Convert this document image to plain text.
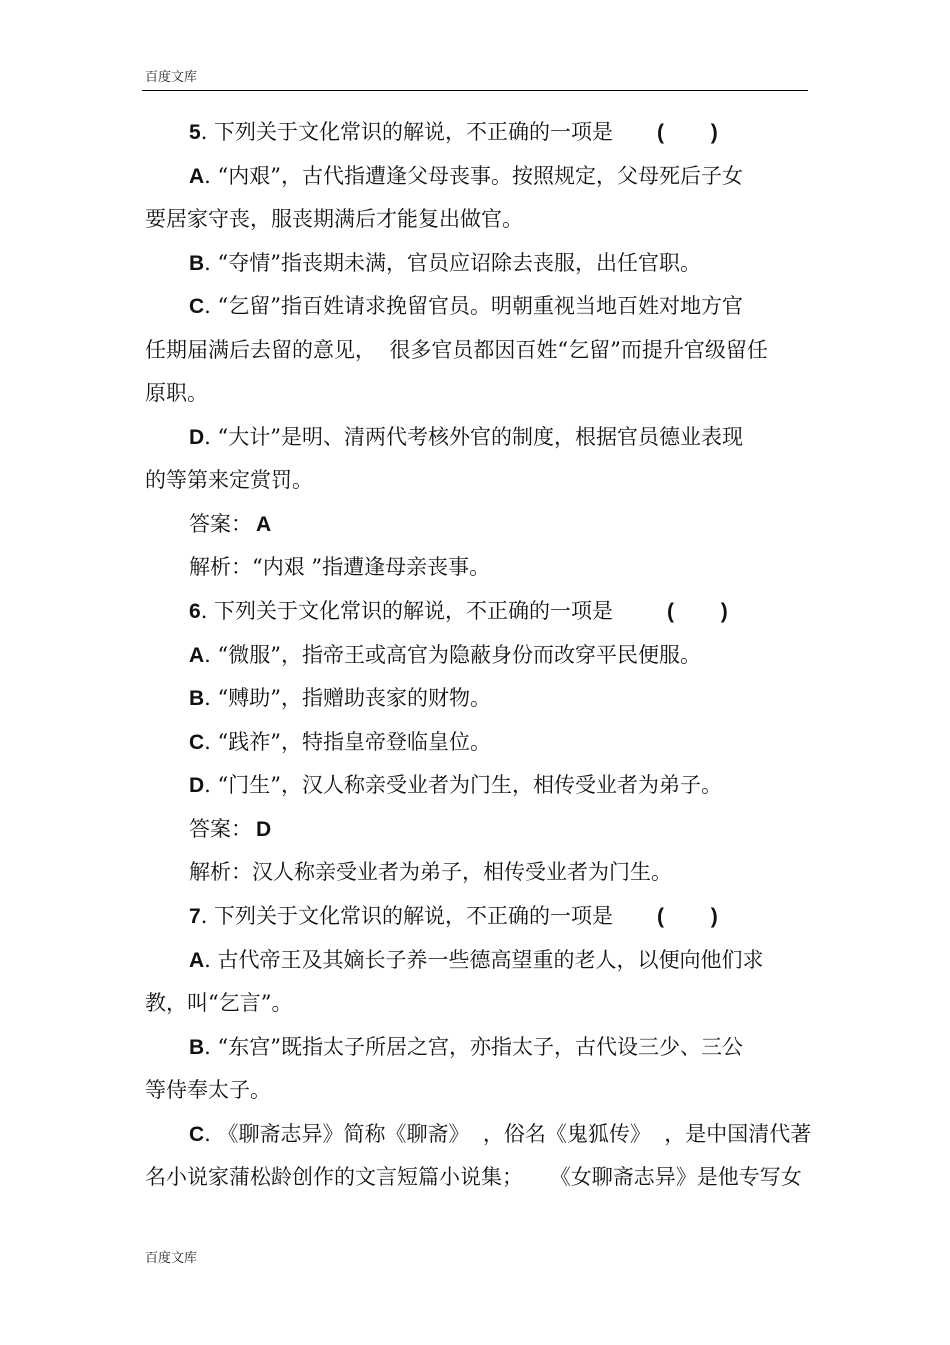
百度文库
5. 下列关于文化常识的解说，不正确的一项是 (        )
A. “内艰”，古代指遭逢父母丧事。按照规定，父母死后子女
要居家守丧，服丧期满后才能复出做官。
B. “夺情”指丧期未满，官员应诏除去丧服，出任官职。
C. “乞留”指百姓请求挽留官员。明朝重视当地百姓对地方官
任期届满后去留的意见，  很多官员都因百姓“乞留”而提升官级留任
原职。
D. “大计”是明、清两代考核外官的制度，根据官员德业表现
的等第来定赏罚。
答案： A
解析：“内艰 ”指遭逢母亲丧事。
6. 下列关于文化常识的解说，不正确的一项是	(        )
A. “微服”，指帝王或高官为隐蔽身份而改穿平民便服。
B. “赙助”，指赠助丧家的财物。
C. “践祚”，特指皇帝登临皇位。
D. “门生”，汉人称亲受业者为门生，相传受业者为弟子。
答案： D
解析：汉人称亲受业者为弟子，相传受业者为门生。
7. 下列关于文化常识的解说，不正确的一项是 (        )
A. 古代帝王及其嫡长子养一些德高望重的老人，以便向他们求
教，叫“乞言”。
B. “东宫”既指太子所居之宫，亦指太子，古代设三少、三公
等侍奉太子。
C. 《聊斋志异》简称《聊斋》  ，俗名《鬼狐传》  ，是中国清代著
名小说家蒲松龄创作的文言短篇小说集；    《女聊斋志异》是他专写女
百度文库
